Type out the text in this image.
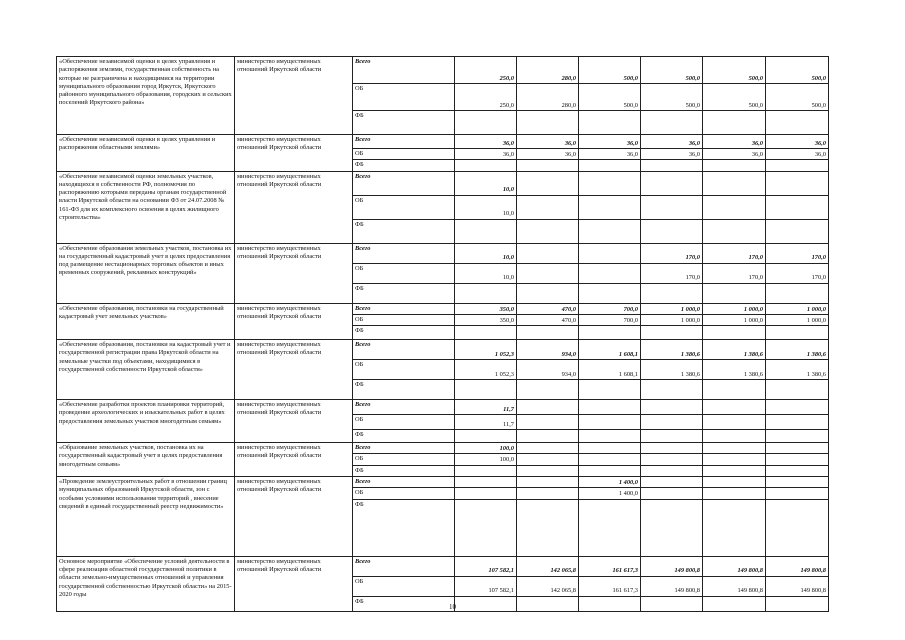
«Обеспечение независимой оценки в целях управления и распоряжения землями, государственная собственность на которые не разграничена и находящимися на территории муниципального образования город Иркутск, Иркутского районного муниципального образования, городских и сельских поселений Иркутского района»	министерство имущественных отношений Иркутской области	Всего	250,0	280,0	500,0	500,0	500,0	500,0
		ОБ	250,0	280,0	500,0	500,0	500,0	500,0
		ФБ						
«Обеспечение независимой оценки в целях управления и распоряжения областными землями»	министерство имущественных отношений Иркутской области	Всего	36,0	36,0	36,0	36,0	36,0	36,0
		ОБ	36,0	36,0	36,0	36,0	36,0	36,0
		ФБ						
«Обеспечение независимой оценки земельных участков, находящихся в собственности РФ, полномочия по распоряжению которыми переданы органам государственной власти Иркутской области на основании ФЗ от 24.07.2008 № 161-ФЗ для их комплексного освоения в целях жилищного строительства»	министерство имущественных отношений Иркутской области	Всего	10,0					
		ОБ	10,0					
		ФБ						
«Обеспечение образования земельных участков, постановка их на государственный кадастровый учет в целях предоставления под размещение нестационарных торговых объектов и иных временных сооружений, рекламных конструкций»	министерство имущественных отношений Иркутской области	Всего	10,0			170,0	170,0	170,0
		ОБ	10,0			170,0	170,0	170,0
		ФБ						
«Обеспечение образования, постановки на государственный кадастровый учет земельных участков»	министерство имущественных отношений Иркутской области	Всего	350,0	470,0	700,0	1 000,0	1 000,0	1 000,0
		ОБ	350,0	470,0	700,0	1 000,0	1 000,0	1 000,0
		ФБ						
«Обеспечение образования, постановки на кадастровый учет и государственной регистрации права Иркутской области на земельные участки под объектами, находящимися в государственной собственности Иркутской области»	министерство имущественных отношений Иркутской области	Всего	1 052,3	934,0	1 608,1	1 380,6	1 380,6	1 380,6
		ОБ	1 052,3	934,0	1 608,1	1 380,6	1 380,6	1 380,6
		ФБ						
«Обеспечение разработки проектов планировки территорий, проведение археологических и изыскательных работ в целях предоставления земельных участков многодетным семьям»	министерство имущественных отношений Иркутской области	Всего	11,7					
		ОБ	11,7					
		ФБ						
«Образование земельных участков, постановка их на государственный кадастровый учет в целях предоставления многодетным семьям»	министерство имущественных отношений Иркутской области	Всего	100,0					
		ОБ	100,0					
		ФБ						
«Проведение землеустроительных работ в отношении границ муниципальных образований Иркутской области, зон с особыми условиями использования территорий , внесение сведений в единый государственный реестр недвижимости»	министерство имущественных отношений Иркутской области	Всего			1 400,0			
		ОБ			1 400,0			
		ФБ						
Основное мероприятие «Обеспечение условий деятельности в сфере реализации областной государственной политики в области земельно-имущественных отношений и управления государственной собственностью Иркутской области» на 2015-2020 годы	министерство имущественных отношений Иркутской области	Всего	107 582,1	142 065,8	161 617,3	149 800,8	149 800,8	149 800,8
		ОБ	107 582,1	142 065,8	161 617,3	149 800,8	149 800,8	149 800,8
		ФБ						
10
